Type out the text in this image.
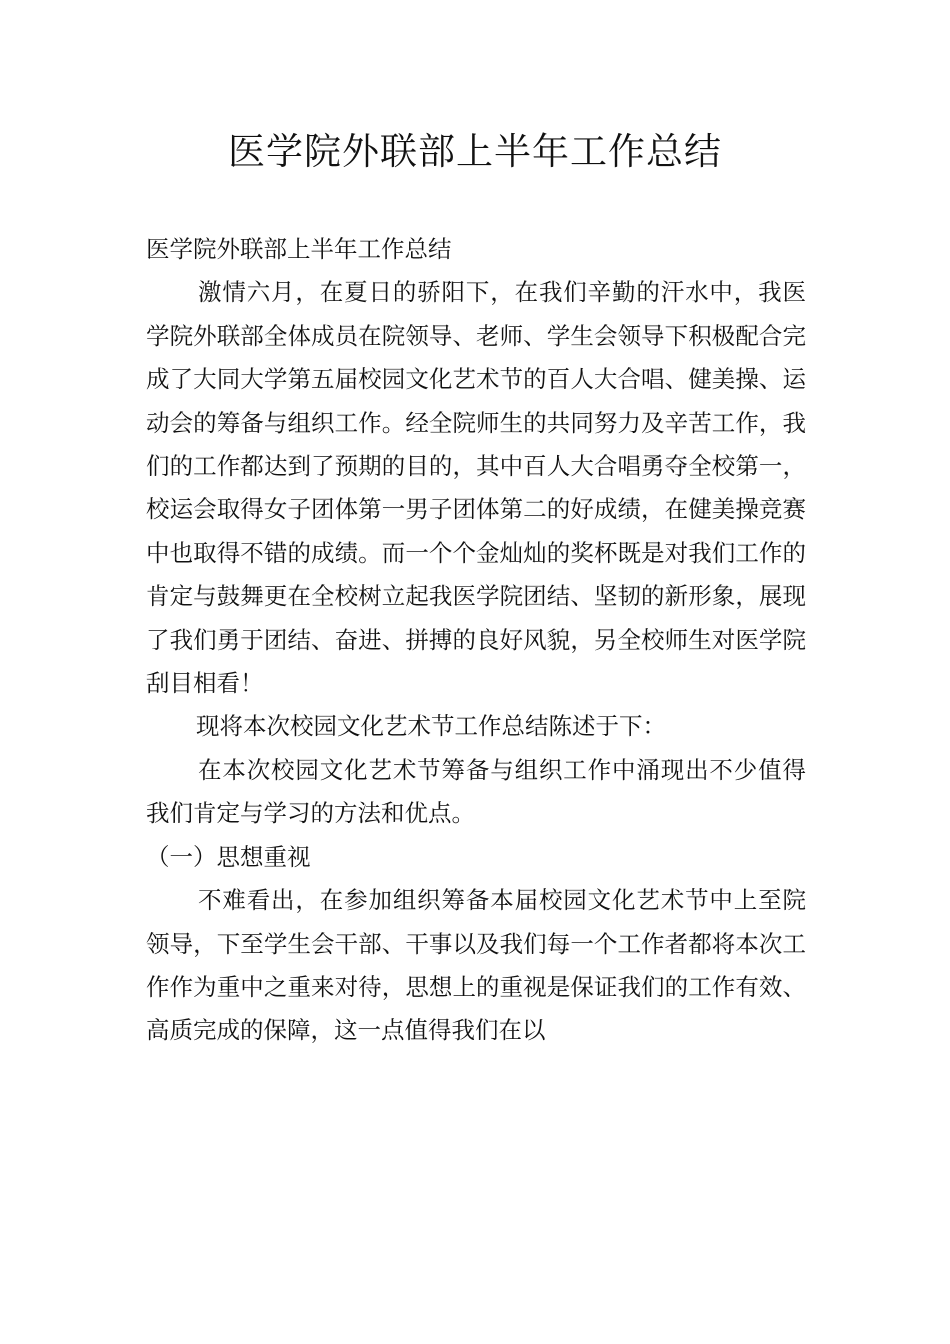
医学院外联部上半年工作总结

医学院外联部上半年工作总结

激情六月，在夏日的骄阳下，在我们辛勤的汗水中，我医学院外联部全体成员在院领导、老师、学生会领导下积极配合完成了大同大学第五届校园文化艺术节的百人大合唱、健美操、运动会的筹备与组织工作。经全院师生的共同努力及辛苦工作，我们的工作都达到了预期的目的，其中百人大合唱勇夺全校第一，校运会取得女子团体第一男子团体第二的好成绩，在健美操竞赛中也取得不错的成绩。而一个个金灿灿的奖杯既是对我们工作的肯定与鼓舞更在全校树立起我医学院团结、坚韧的新形象，展现了我们勇于团结、奋进、拼搏的良好风貌，另全校师生对医学院刮目相看！

现将本次校园文化艺术节工作总结陈述于下：

在本次校园文化艺术节筹备与组织工作中涌现出不少值得我们肯定与学习的方法和优点。

（一）思想重视

不难看出，在参加组织筹备本届校园文化艺术节中上至院领导，下至学生会干部、干事以及我们每一个工作者都将本次工作作为重中之重来对待，思想上的重视是保证我们的工作有效、高质完成的保障，这一点值得我们在以
